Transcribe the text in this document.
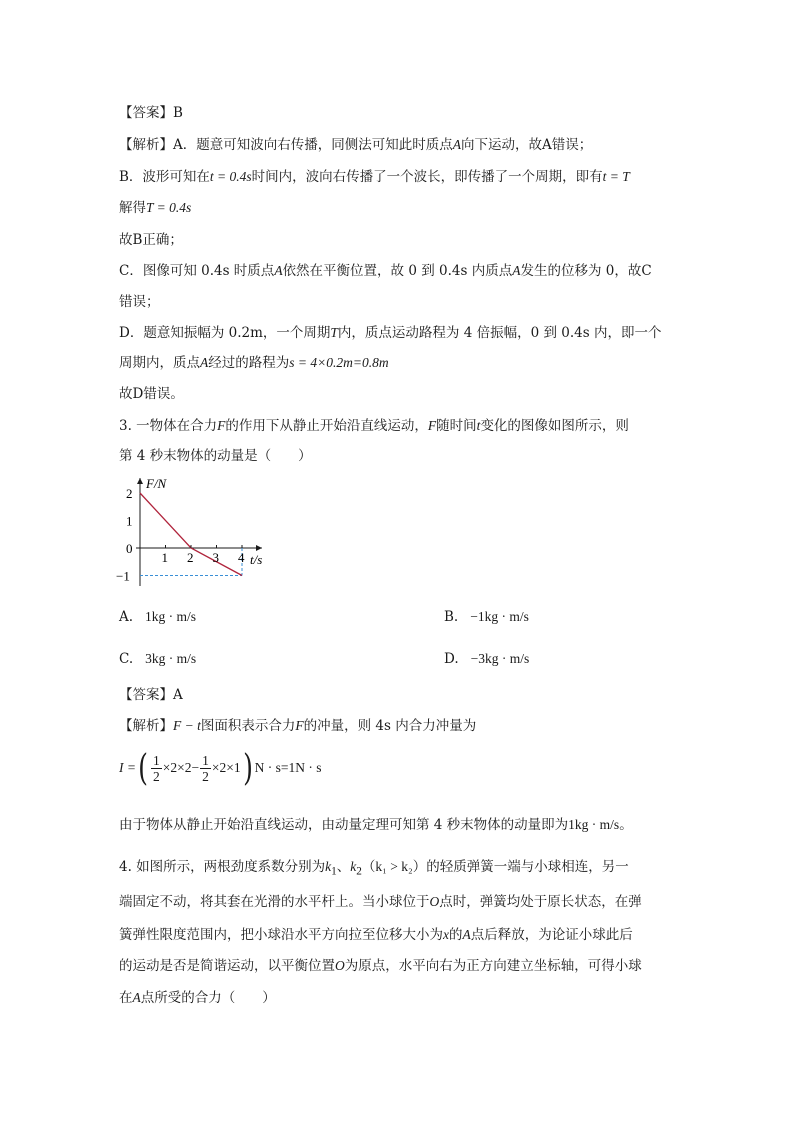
【答案】B
【解析】A．题意可知波向右传播，同侧法可知此时质点A向下运动，故A错误；
B．波形可知在t = 0.4s时间内，波向右传播了一个波长，即传播了一个周期，即有t = T
解得T = 0.4s
故B正确；
C．图像可知 0.4s 时质点A依然在平衡位置，故 0 到 0.4s 内质点A发生的位移为 0，故C
错误；
D．题意知振幅为 0.2m，一个周期T内，质点运动路程为 4 倍振幅，0 到 0.4s 内，即一个
周期内，质点A经过的路程为s = 4×0.2m=0.8m
故D错误。
3. 一物体在合力F的作用下从静止开始沿直线运动，F随时间t变化的图像如图所示，则
第 4 秒末物体的动量是（　　）
1 2 3 4
2
1
0
−1
F/N
t/s
A. 1kg · m/s	B. −1kg · m/s
C. 3kg · m/s	D. −3kg · m/s
【答案】A
【解析】F − t图面积表示合力F的冲量，则 4s 内合力冲量为
I =( $\frac{1}{2} \times 2\times 2- \frac{1}{2} \times 2\times 1$) N · s=1N · s
由于物体从静止开始沿直线运动，由动量定理可知第 4 秒末物体的动量即为1kg · m/s。
4. 如图所示，两根劲度系数分别为$k_1$、$k_2(k_1 > k_2)$的轻质弹簧一端与小球相连，另一
端固定不动，将其套在光滑的水平杆上。当小球位于O点时，弹簧均处于原长状态，在弹
簧弹性限度范围内，把小球沿水平方向拉至位移大小为x的A点后释放，为论证小球此后
的运动是否是简谐运动，以平衡位置O为原点，水平向右为正方向建立坐标轴，可得小球
在A点所受的合力（　　）
